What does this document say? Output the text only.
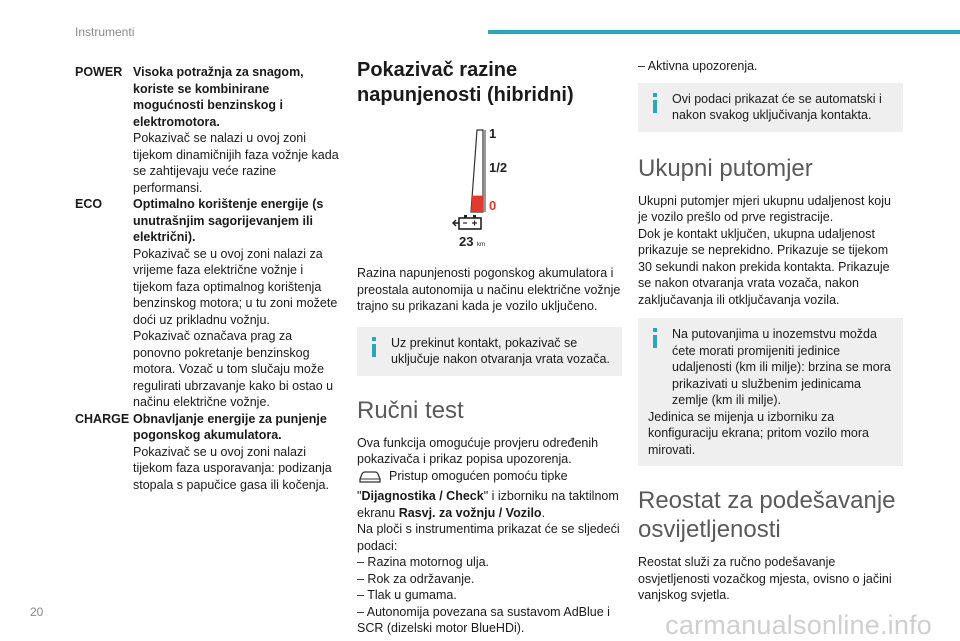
Instrumenti
POWER Visoka potražnja za snagom, koriste se kombinirane mogućnosti benzinskog i elektromotora.
Pokazivač se nalazi u ovoj zoni tijekom dinamičnijih faza vožnje kada se zahtijevaju veće razine performansi.
ECO	Optimalno korištenje energije (s unutrašnjim sagorijevanjem ili električni).
Pokazivač se u ovoj zoni nalazi za vrijeme faza električne vožnje i tijekom faza optimalnog korištenja benzinskog motora; u tu zoni možete doći uz prikladnu vožnju.
Pokazivač označava prag za ponovno pokretanje benzinskog motora. Vozač u tom slučaju može regulirati ubrzavanje kako bi ostao u načinu električne vožnje.
CHARGE Obnavljanje energije za punjenje pogonskog akumulatora.
Pokazivač se u ovoj zoni nalazi tijekom faza usporavanja: podizanja stopala s papučice gasa ili kočenja.
Pokazivač razine napunjenosti (hibridni)
1
1/2
0
23 km

Razina napunjenosti pogonskog akumulatora i preostala autonomija u načinu električne vožnje trajno su prikazani kada je vozilo uključeno.

Uz prekinut kontakt, pokazivač se uključuje nakon otvaranja vrata vozača.
Ručni test

Ova funkcija omogućuje provjeru određenih pokazivača i prikaz popisa upozorenja.

Pristup omogućen pomoću tipke "Dijagnostika / Check" i izborniku na taktilnom ekranu Rasvj. za vožnju / Vozilo.

Na ploči s instrumentima prikazat će se sljedeći podaci:

– Razina motornog ulja.

– Rok za održavanje.

– Tlak u gumama.

– Autonomija povezana sa sustavom AdBlue i SCR (dizelski motor BlueHDi).

– Aktivna upozorenja.

Ovi podaci prikazat će se automatski i nakon svakog uključivanja kontakta.
Ukupni putomjer

Ukupni putomjer mjeri ukupnu udaljenost koju je vozilo prešlo od prve registracije.

Dok je kontakt uključen, ukupna udaljenost prikazuje se neprekidno. Prikazuje se tijekom 30 sekundi nakon prekida kontakta. Prikazuje se nakon otvaranja vrata vozača, nakon zaključavanja ili otključavanja vozila.

Na putovanjima u inozemstvu možda ćete morati promijeniti jedinice udaljenosti (km ili milje): brzina se mora prikazivati u službenim jedinicama zemlje (km ili milje).

Jedinica se mijenja u izborniku za konfiguraciju ekrana; pritom vozilo mora mirovati.

Reostat za podešavanje osvijetljenosti

Reostat služi za ručno podešavanje osvjetljenosti vozačkog mjesta, ovisno o jačini vanjskog svjetla.

20	carmanualsonline.info
